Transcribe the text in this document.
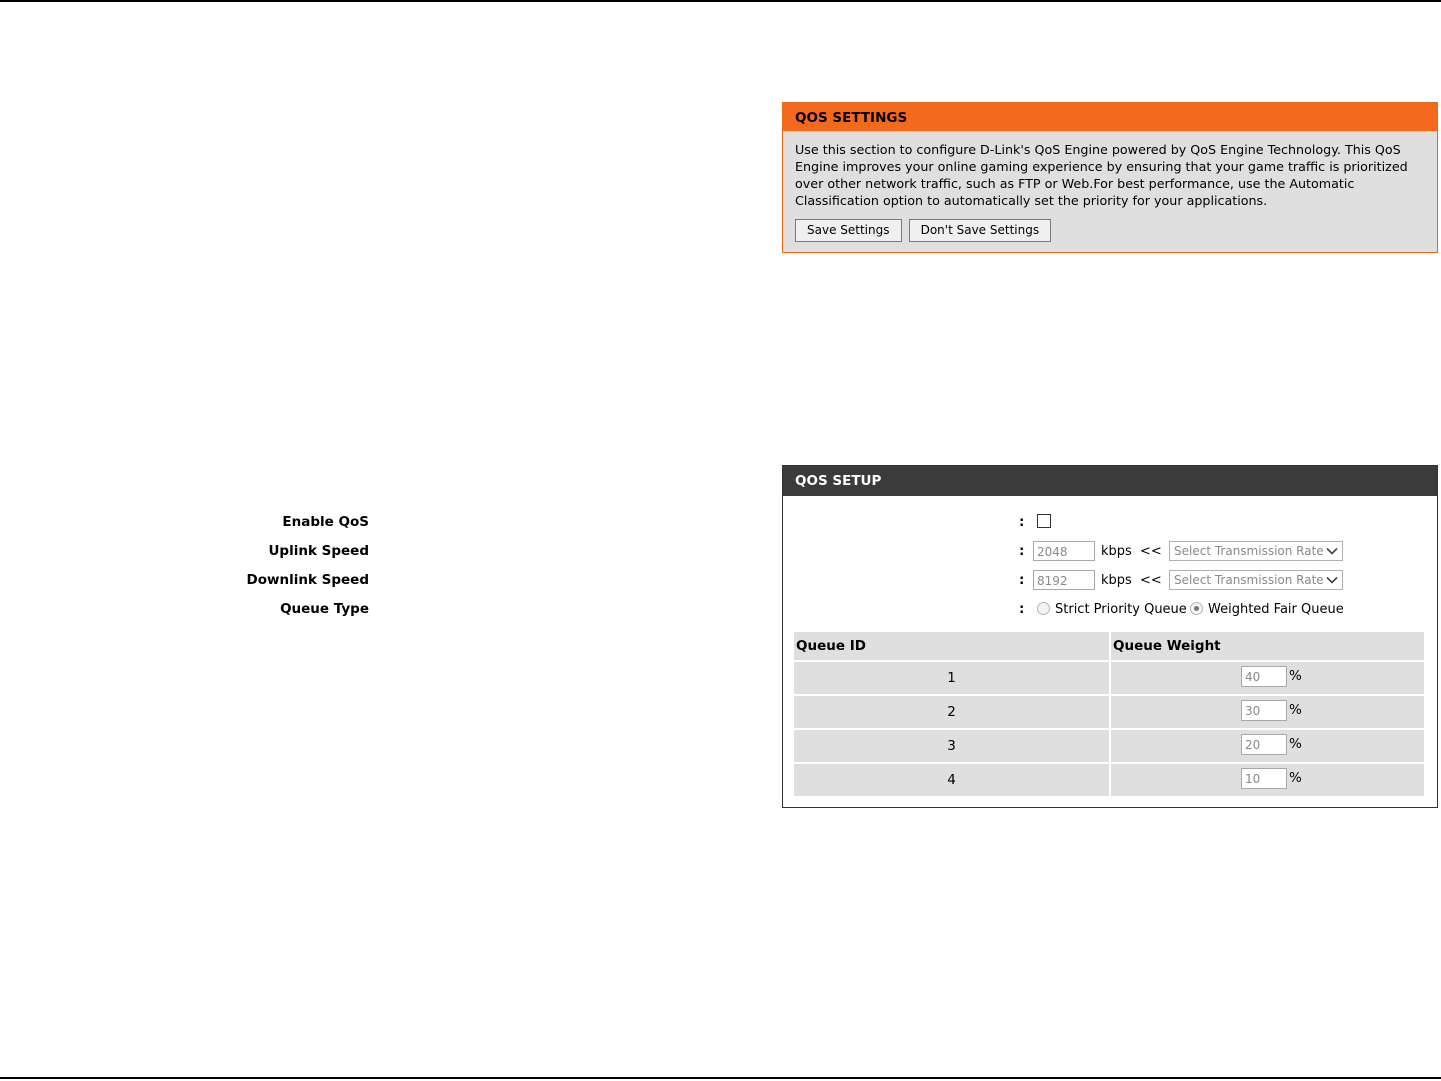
QOS SETTINGS
Use this section to configure D-Link's QoS Engine powered by QoS Engine Technology. This QoS Engine improves your online gaming experience by ensuring that your game traffic is prioritized over other network traffic, such as FTP or Web.For best performance, use the Automatic Classification option to automatically set the priority for your applications.
Save Settings	Don't Save Settings
QOS SETUP
Enable QoS	:
Uplink Speed	:	2048	kbps <<	Select Transmission Rate
Downlink Speed	:	8192	kbps <<	Select Transmission Rate
Queue Type	: Strict Priority Queue Weighted Fair Queue
Queue ID	Queue Weight
1	40 %

2	30 %

3	20 %

4	10 %
